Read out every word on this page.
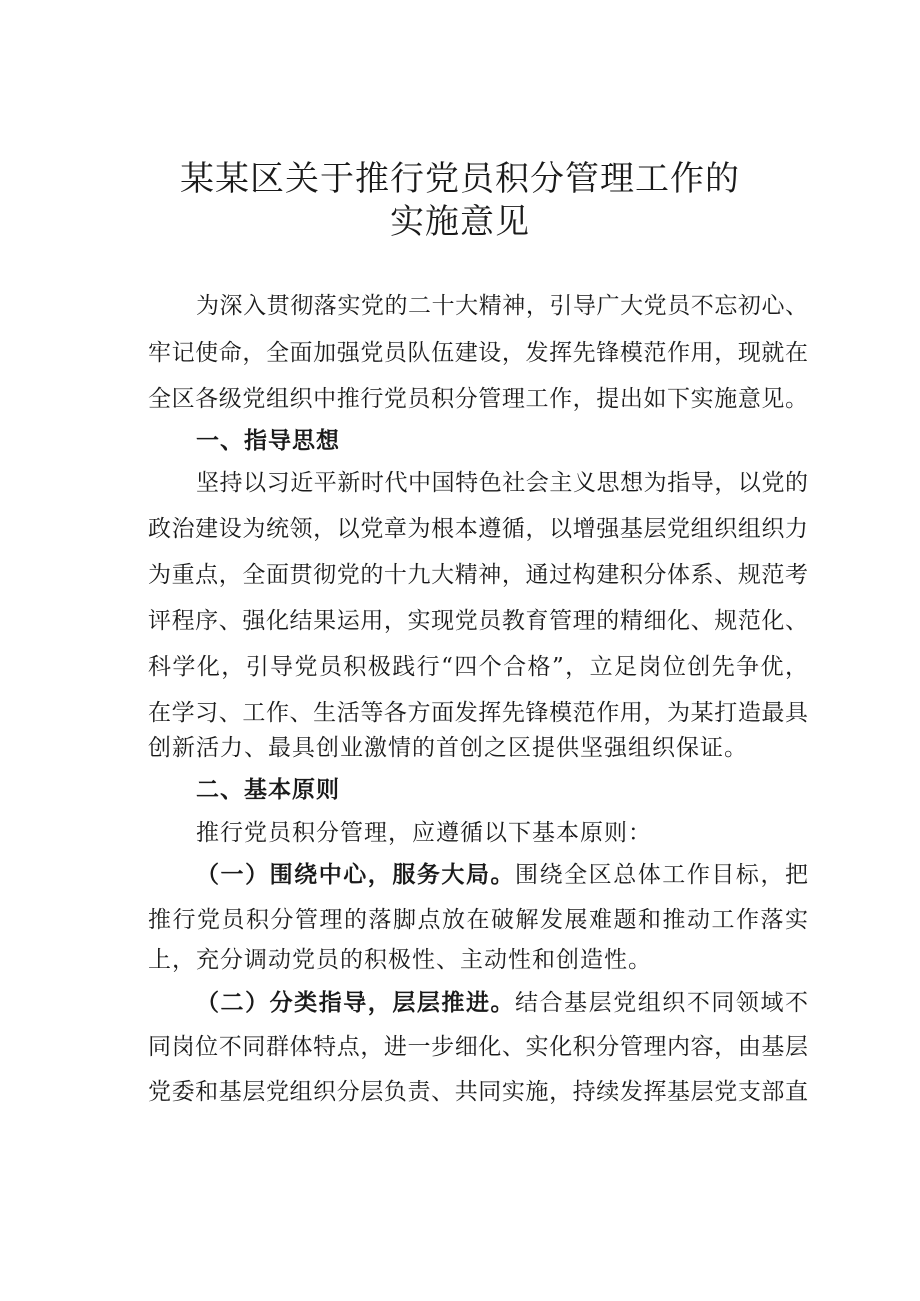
某某区关于推行党员积分管理工作的
实施意见

为深入贯彻落实党的二十大精神，引导广大党员不忘初心、

牢记使命，全面加强党员队伍建设，发挥先锋模范作用，现就在

全区各级党组织中推行党员积分管理工作，提出如下实施意见。

一、指导思想

坚持以习近平新时代中国特色社会主义思想为指导，以党的

政治建设为统领，以党章为根本遵循，以增强基层党组织组织力

为重点，全面贯彻党的十九大精神，通过构建积分体系、规范考

评程序、强化结果运用，实现党员教育管理的精细化、规范化、

科学化，引导党员积极践行“四个合格”，立足岗位创先争优，

在学习、工作、生活等各方面发挥先锋模范作用，为某打造最具

创新活力、最具创业激情的首创之区提供坚强组织保证。

二、基本原则

推行党员积分管理，应遵循以下基本原则：

（一）围绕中心，服务大局。围绕全区总体工作目标，把

推行党员积分管理的落脚点放在破解发展难题和推动工作落实

上，充分调动党员的积极性、主动性和创造性。

（二）分类指导，层层推进。结合基层党组织不同领域不

同岗位不同群体特点，进一步细化、实化积分管理内容，由基层

党委和基层党组织分层负责、共同实施，持续发挥基层党支部直
